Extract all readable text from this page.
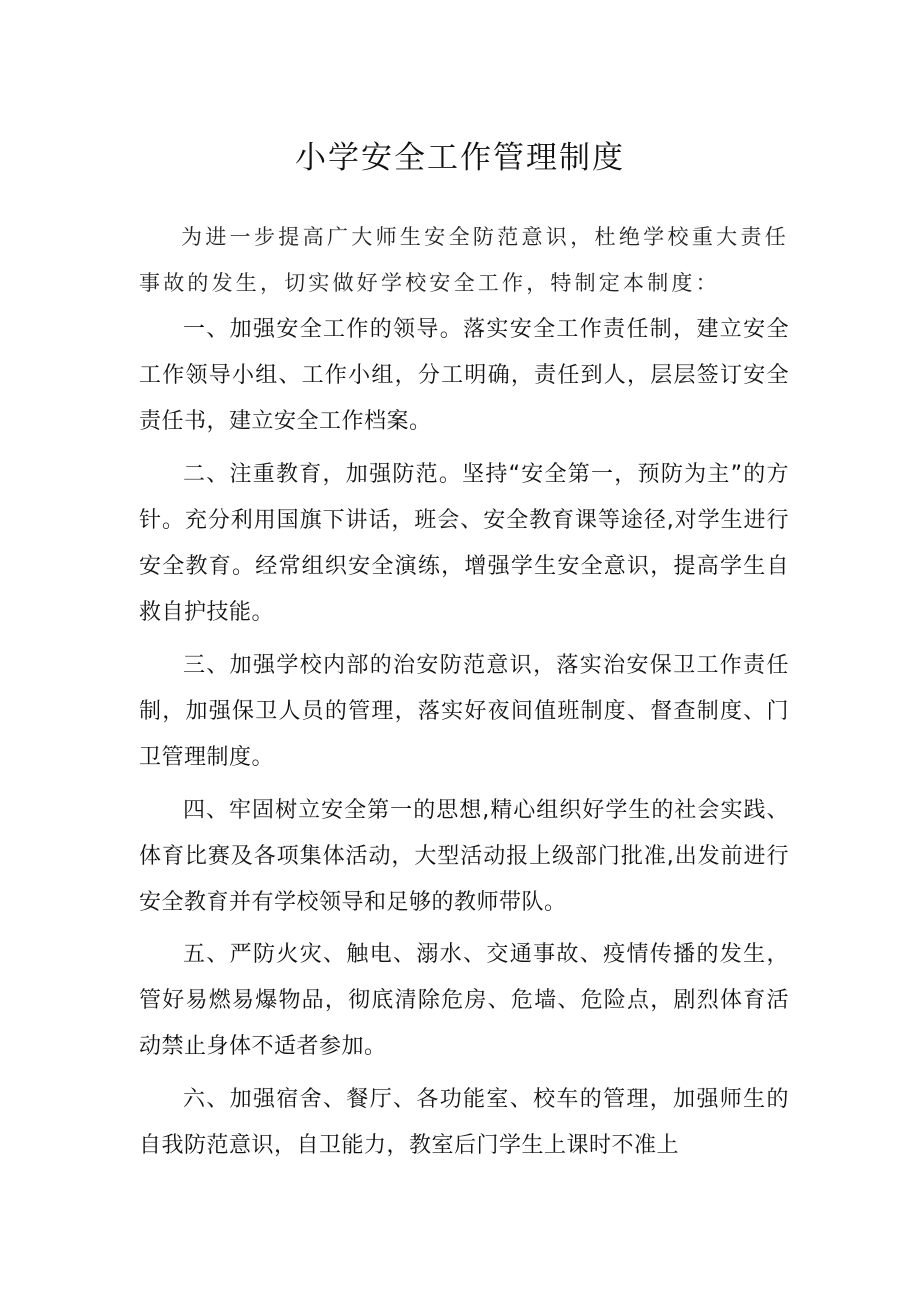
小学安全工作管理制度

为进一步提高广大师生安全防范意识，杜绝学校重大责任事故的发生，切实做好学校安全工作，特制定本制度：

一、加强安全工作的领导。落实安全工作责任制，建立安全工作领导小组、工作小组，分工明确，责任到人，层层签订安全责任书，建立安全工作档案。

二、注重教育，加强防范。坚持“安全第一，预防为主”的方针。充分利用国旗下讲话，班会、安全教育课等途径,对学生进行安全教育。经常组织安全演练，增强学生安全意识，提高学生自救自护技能。

三、加强学校内部的治安防范意识，落实治安保卫工作责任制，加强保卫人员的管理，落实好夜间值班制度、督查制度、门卫管理制度。

四、牢固树立安全第一的思想,精心组织好学生的社会实践、体育比赛及各项集体活动，大型活动报上级部门批准,出发前进行安全教育并有学校领导和足够的教师带队。

五、严防火灾、触电、溺水、交通事故、疫情传播的发生，管好易燃易爆物品，彻底清除危房、危墙、危险点，剧烈体育活动禁止身体不适者参加。

六、加强宿舍、餐厅、各功能室、校车的管理，加强师生的自我防范意识，自卫能力，教室后门学生上课时不准上
